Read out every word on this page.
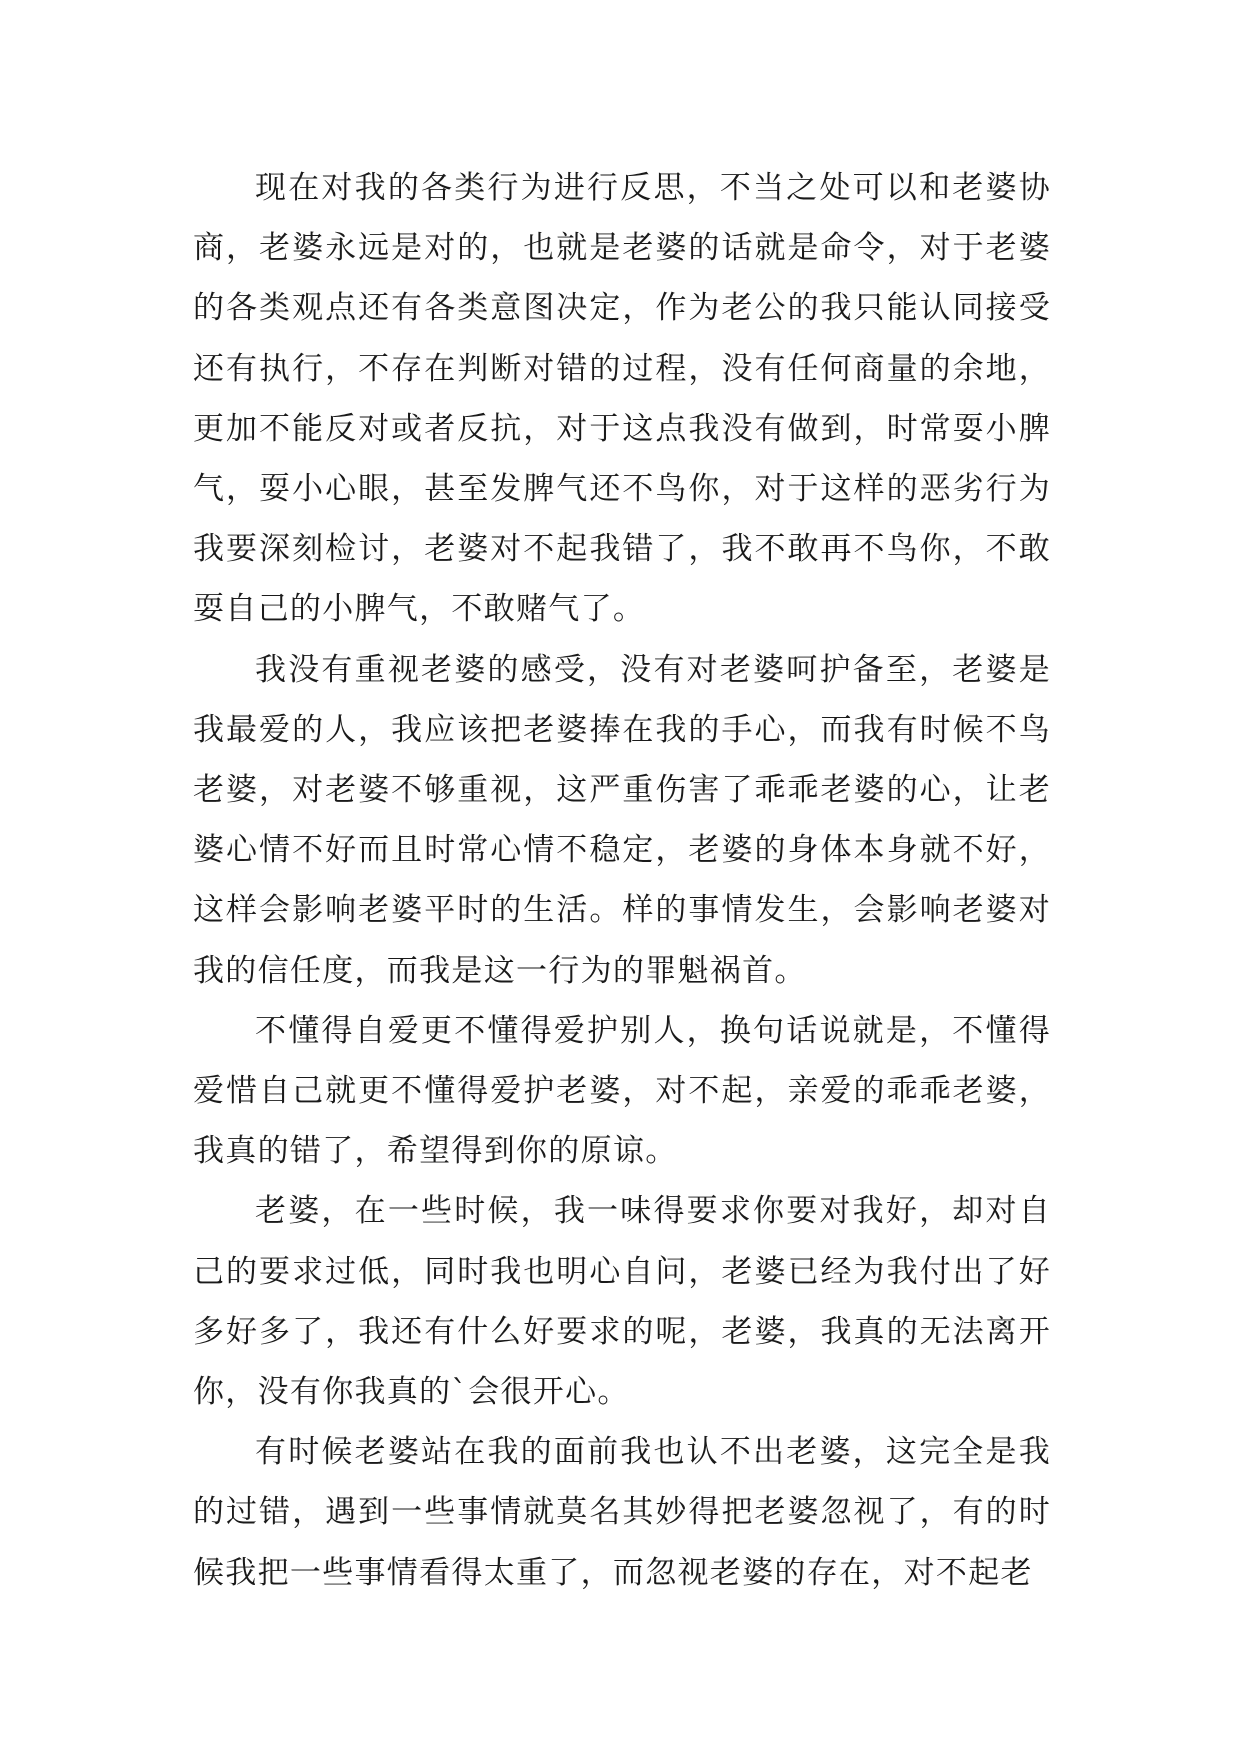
现在对我的各类行为进行反思，不当之处可以和老婆协商，老婆永远是对的，也就是老婆的话就是命令，对于老婆的各类观点还有各类意图决定，作为老公的我只能认同接受还有执行，不存在判断对错的过程，没有任何商量的余地，更加不能反对或者反抗，对于这点我没有做到，时常耍小脾气，耍小心眼，甚至发脾气还不鸟你，对于这样的恶劣行为我要深刻检讨，老婆对不起我错了，我不敢再不鸟你，不敢耍自己的小脾气，不敢赌气了。

我没有重视老婆的感受，没有对老婆呵护备至，老婆是我最爱的人，我应该把老婆捧在我的手心，而我有时候不鸟老婆，对老婆不够重视，这严重伤害了乖乖老婆的心，让老婆心情不好而且时常心情不稳定，老婆的身体本身就不好，这样会影响老婆平时的生活。样的事情发生，会影响老婆对我的信任度，而我是这一行为的罪魁祸首。

不懂得自爱更不懂得爱护别人，换句话说就是，不懂得爱惜自己就更不懂得爱护老婆，对不起，亲爱的乖乖老婆，我真的错了，希望得到你的原谅。

老婆，在一些时候，我一味得要求你要对我好，却对自己的要求过低，同时我也明心自问，老婆已经为我付出了好多好多了，我还有什么好要求的呢，老婆，我真的无法离开你，没有你我真的`会很开心。

有时候老婆站在我的面前我也认不出老婆，这完全是我的过错，遇到一些事情就莫名其妙得把老婆忽视了，有的时候我把一些事情看得太重了，而忽视老婆的存在，对不起老
